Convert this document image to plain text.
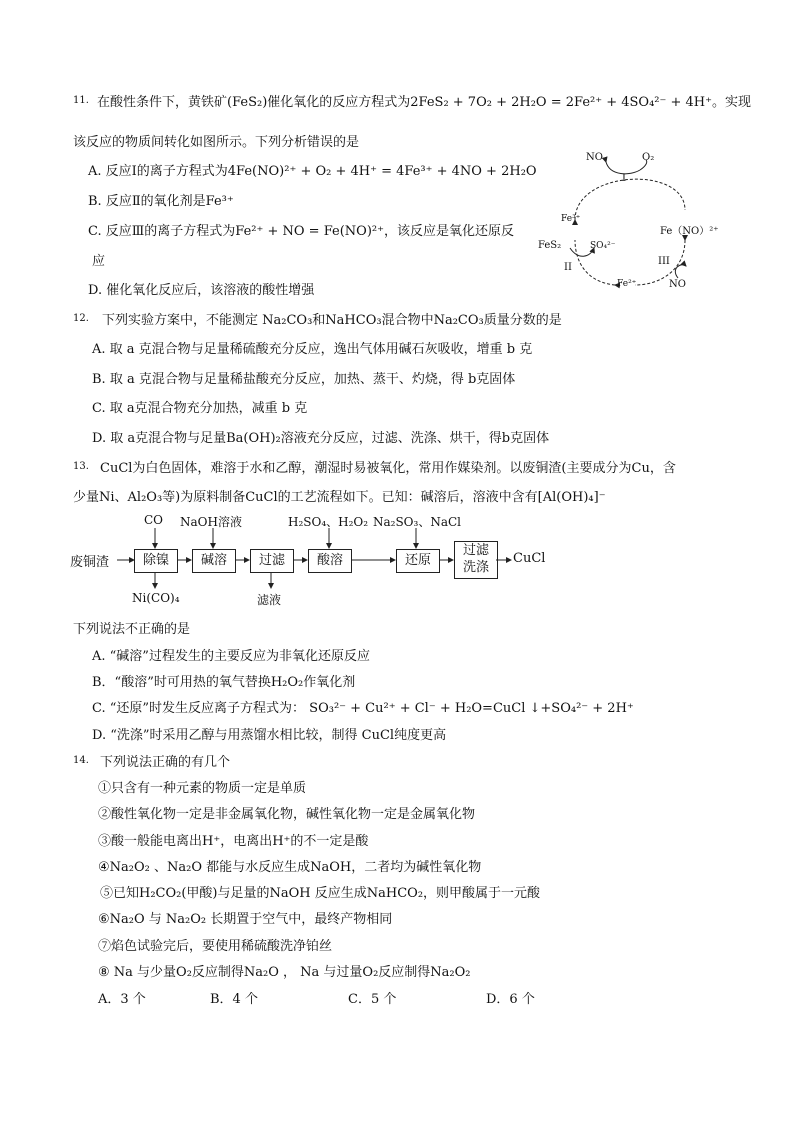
11. 在酸性条件下，黄铁矿(FeS₂)催化氧化的反应方程式为2FeS₂ + 7O₂ + 2H₂O = 2Fe²⁺ + 4SO₄²⁻ + 4H⁺。实现
该反应的物质间转化如图所示。下列分析错误的是
A. 反应Ⅰ的离子方程式为4Fe(NO)²⁺ + O₂ + 4H⁺ = 4Fe³⁺ + 4NO + 2H₂O
B. 反应Ⅱ的氧化剂是Fe³⁺
C. 反应Ⅲ的离子方程式为Fe²⁺ + NO = Fe(NO)²⁺，该反应是氧化还原反
应
D. 催化氧化反应后，该溶液的酸性增强
NO	O₂
I
Fe³⁺
Fe（NO）²⁺
FeS₂	SO₄²⁻
II
III
Fe²⁺	NO
12. 下列实验方案中，不能测定 Na₂CO₃和NaHCO₃混合物中Na₂CO₃质量分数的是
A. 取 a 克混合物与足量稀硫酸充分反应，逸出气体用碱石灰吸收，增重 b 克
B. 取 a 克混合物与足量稀盐酸充分反应，加热、蒸干、灼烧，得 b克固体
C. 取 a克混合物充分加热，减重 b 克
D. 取 a克混合物与足量Ba(OH)₂溶液充分反应，过滤、洗涤、烘干，得b克固体
13. CuCl为白色固体，难溶于水和乙醇，潮湿时易被氧化，常用作媒染剂。以废铜渣(主要成分为Cu，含
少量Ni、Al₂O₃等)为原料制备CuCl的工艺流程如下。已知：碱溶后，溶液中含有[Al(OH)₄]⁻
废铜渣	除镍	碱溶	过滤	酸溶	还原
过滤
洗涤
CuCl
CO NaOH溶液	H₂SO₄、H₂O₂ Na₂SO₃、NaCl
Ni(CO)₄	滤液
下列说法不正确的是
A. “碱溶”过程发生的主要反应为非氧化还原反应
B．“酸溶”时可用热的氧气替换H₂O₂作氧化剂
C. “还原”时发生反应离子方程式为： SO₃²⁻ + Cu²⁺ + Cl⁻ + H₂O=CuCl ↓+SO₄²⁻ + 2H⁺
D. “洗涤”时采用乙醇与用蒸馏水相比较，制得 CuCl纯度更高
14. 下列说法正确的有几个
①只含有一种元素的物质一定是单质
②酸性氧化物一定是非金属氧化物，碱性氧化物一定是金属氧化物
③酸一般能电离出H⁺，电离出H⁺的不一定是酸
④Na₂O₂ 、Na₂O 都能与水反应生成NaOH，二者均为碱性氧化物
⑤已知H₂CO₂(甲酸)与足量的NaOH 反应生成NaHCO₂，则甲酸属于一元酸
⑥Na₂O 与 Na₂O₂ 长期置于空气中，最终产物相同
⑦焰色试验完后，要使用稀硫酸洗净铂丝
⑧ Na 与少量O₂反应制得Na₂O ， Na 与过量O₂反应制得Na₂O₂
A．3 个	B．4 个	C．5 个	D．6 个
